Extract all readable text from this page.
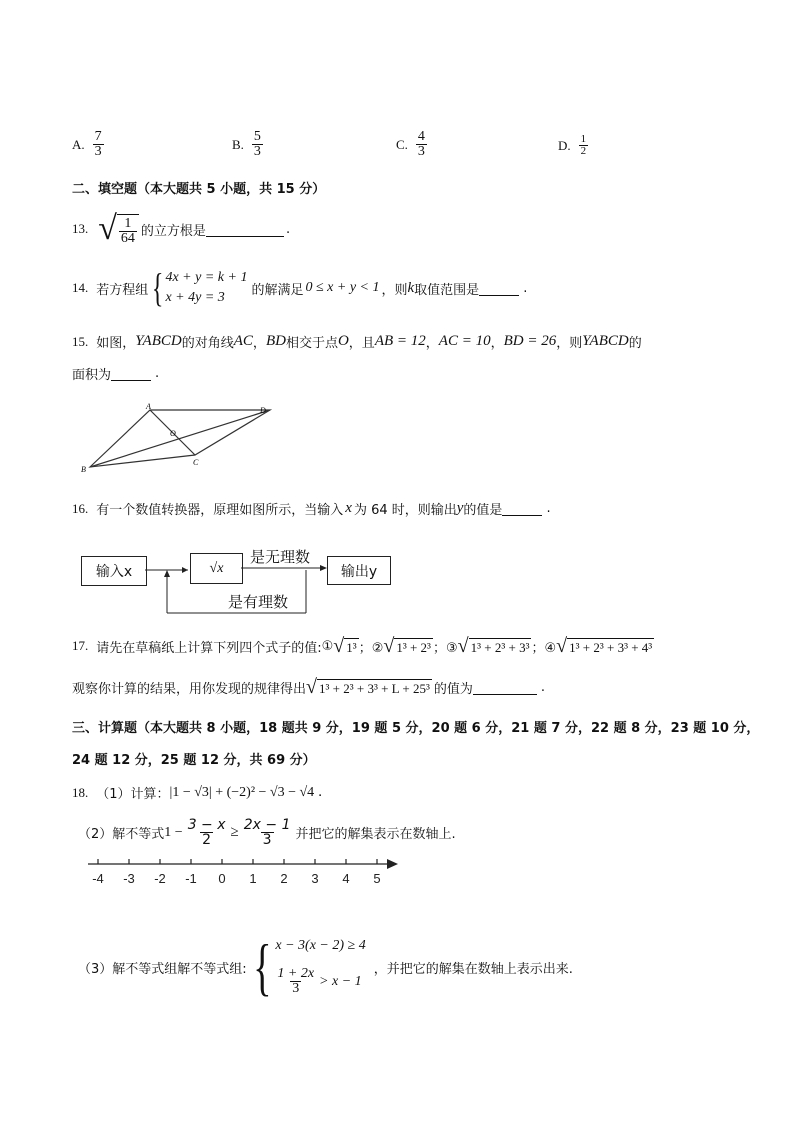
A. $\frac{7}{3}$	B. $\frac{5}{3}$	C. $\frac{4}{3}$	D. $\frac{1}{2}$
二、填空题（本大题共 5 小题，共 15 分）
13. √ $\frac{1}{64}$ 的立方根是	.
14. 若方程组 { 4x + y = k + 1
x + 4y = 3	的解满足 0 ≤ x + y < 1 ，则 k 取值范围是	.
15. 如图， YABCD 的对角线 AC ， BD 相交于点 O ，且 AB = 12 ， AC = 10 ， BD = 26 ，则 YABCD 的
面积为	.
A
B
C
D
O
16. 有一个数值转换器，原理如图所示，当输入 x 为 64 时，则输出 y 的值是	.
输入x	√x	输出y
是无理数
是有理数
17. 请先在草稿纸上计算下列四个式子的值: ① √ 1³ ；② √ 1³ + 2³ ；③ √ 1³ + 2³ + 3³ ；④ √ 1³ + 2³ + 3³ + 4³
观察你计算的结果，用你发现的规律得出 √ 1³ + 2³ + 3³ + L + 25³ 的值为	.
三、计算题（本大题共 8 小题，18 题共 9 分，19 题 5 分，20 题 6 分，21 题 7 分，22 题 8 分，23 题 10 分，
24 题 12 分，25 题 12 分，共 69 分）
18. （1）计算： |1 − √3| + (−2)² − √3 − √4 .
（2）解不等式 $1 - \frac{3 - x}{2} \ge \frac{2x - 1}{3}$ 并把它的解集表示在数轴上.
-4 -3 -2 -1 0 1 2 3 4 5
（3）解不等式组解不等式组: { x − 3(x − 2) ≥ 4
$\frac{1 + 2x}{3} > x - 1$
，并把它的解集在数轴上表示出来.
